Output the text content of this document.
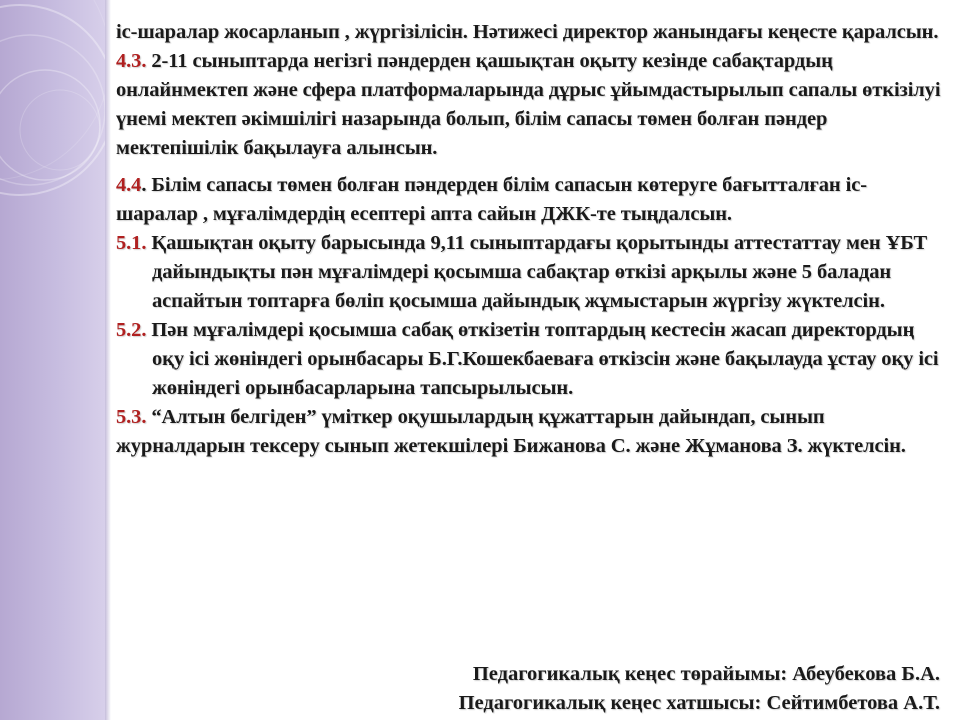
іс-шаралар жосарланып , жүргізілісін. Нәтижесі директор жанындағы кеңесте қаралсын.

4.3. 2-11 сыныптарда негізгі пәндерден қашықтан оқыту кезінде сабақтардың онлайнмектеп және сфера платформаларында дұрыс ұйымдастырылып сапалы өткізілуі үнемі мектеп әкімшілігі назарында болып, білім сапасы төмен болған пәндер мектепішілік бақылауға алынсын.

4.4. Білім сапасы төмен болған пәндерден білім сапасын көтеруге бағытталған іс-шаралар , мұғалімдердің есептері апта сайын ДЖК-те тыңдалсын.

5.1. Қашықтан оқыту барысында 9,11 сыныптардағы қорытынды аттестаттау мен ҰБТ дайындықты пән мұғалімдері қосымша сабақтар өткізі арқылы және 5 баладан аспайтын топтарға бөліп қосымша дайындық жұмыстарын жүргізу жүктелсін.

5.2. Пән мұғалімдері қосымша сабақ өткізетін топтардың кестесін жасап директордың оқу ісі жөніндегі орынбасары Б.Г.Кошекбаеваға өткізсін және бақылауда ұстау оқу ісі жөніндегі орынбасарларына тапсырылысын.

5.3. “Алтын белгіден” үміткер оқушылардың құжаттарын дайындап, сынып журналдарын тексеру сынып жетекшілері Бижанова С. және Жұманова З. жүктелсін.

Педагогикалық кеңес төрайымы: Абеубекова Б.А.
Педагогикалық кеңес хатшысы: Сейтимбетова А.Т.
